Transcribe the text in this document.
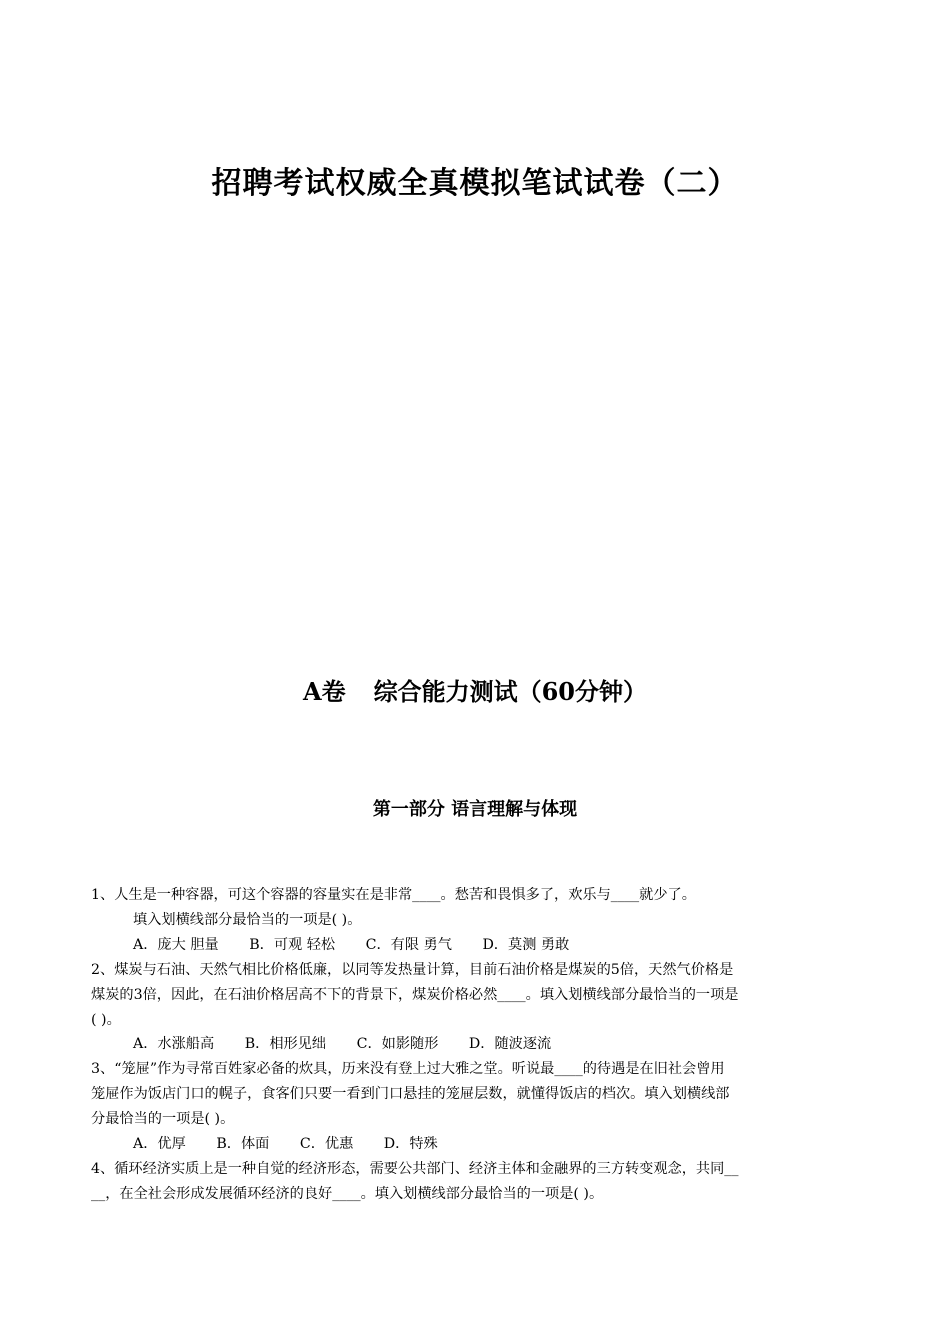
招聘考试权威全真模拟笔试试卷（二）
A卷 综合能力测试（60分钟）
第一部分 语言理解与体现
1、人生是一种容器，可这个容器的容量实在是非常____。愁苦和畏惧多了，欢乐与____就少了。
填入划横线部分最恰当的一项是( )。
A．庞大 胆量 B．可观 轻松 C．有限 勇气 D．莫测 勇敢
2、煤炭与石油、天然气相比价格低廉，以同等发热量计算，目前石油价格是煤炭的5倍，天然气价格是
煤炭的3倍，因此，在石油价格居高不下的背景下，煤炭价格必然____。填入划横线部分最恰当的一项是
( )。
A．水涨船高 B．相形见绌 C．如影随形 D．随波逐流
3、“笼屉”作为寻常百姓家必备的炊具，历来没有登上过大雅之堂。听说最____的待遇是在旧社会曾用
笼屉作为饭店门口的幌子，食客们只要一看到门口悬挂的笼屉层数，就懂得饭店的档次。填入划横线部
分最恰当的一项是( )。
A．优厚 B．体面 C．优惠 D．特殊
4、循环经济实质上是一种自觉的经济形态，需要公共部门、经济主体和金融界的三方转变观念，共同__
__，在全社会形成发展循环经济的良好____。填入划横线部分最恰当的一项是( )。
